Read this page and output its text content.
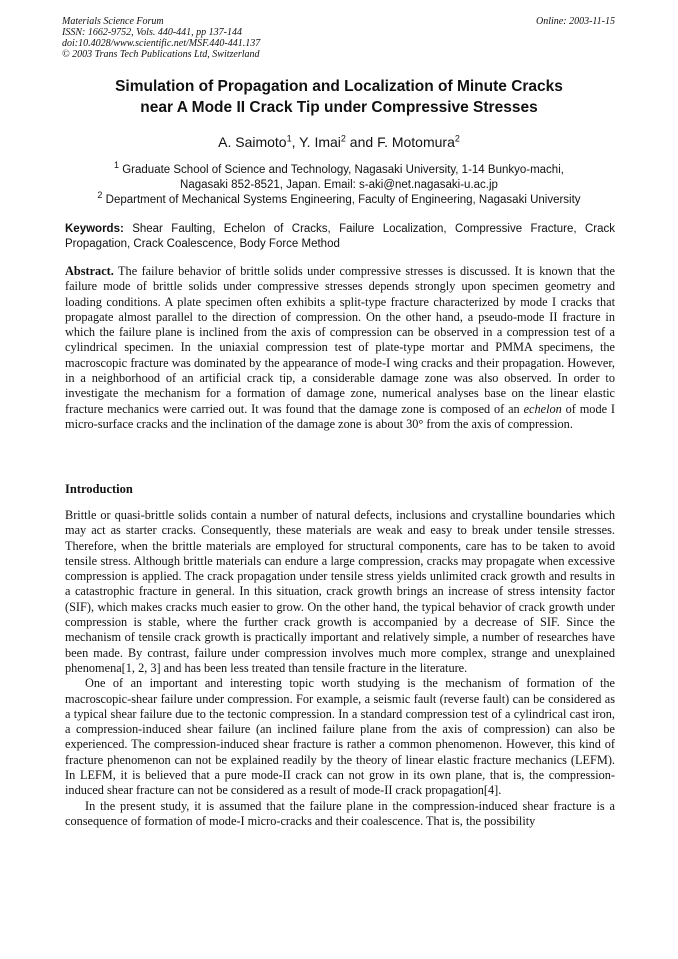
Materials Science Forum
ISSN: 1662-9752, Vols. 440-441, pp 137-144
doi:10.4028/www.scientific.net/MSF.440-441.137
© 2003 Trans Tech Publications Ltd, Switzerland
Online: 2003-11-15
Simulation of Propagation and Localization of Minute Cracks
near A Mode II Crack Tip under Compressive Stresses
A. Saimoto$^1$, Y. Imai$^2$ and F. Motomura$^2$
$^1$ Graduate School of Science and Technology, Nagasaki University, 1-14 Bunkyo-machi,
Nagasaki 852-8521, Japan. Email: s-aki@net.nagasaki-u.ac.jp
$^2$ Department of Mechanical Systems Engineering, Faculty of Engineering, Nagasaki University
Keywords: Shear Faulting, Echelon of Cracks, Failure Localization, Compressive Fracture, Crack Propagation, Crack Coalescence, Body Force Method
Abstract. The failure behavior of brittle solids under compressive stresses is discussed. It is known that the failure mode of brittle solids under compressive stresses depends strongly upon specimen geometry and loading conditions. A plate specimen often exhibits a split-type fracture characterized by mode I cracks that propagate almost parallel to the direction of compression. On the other hand, a pseudo-mode II fracture in which the failure plane is inclined from the axis of compression can be observed in a compression test of a cylindrical specimen. In the uniaxial compression test of plate-type mortar and PMMA specimens, the macroscopic fracture was dominated by the appearance of mode-I wing cracks and their propagation. However, in a neighborhood of an artificial crack tip, a considerable damage zone was also observed. In order to investigate the mechanism for a formation of damage zone, numerical analyses base on the linear elastic fracture mechanics were carried out. It was found that the damage zone is composed of an echelon of mode I micro-surface cracks and the inclination of the damage zone is about 30° from the axis of compression.
Introduction

Brittle or quasi-brittle solids contain a number of natural defects, inclusions and crystalline boundaries which may act as starter cracks. Consequently, these materials are weak and easy to break under tensile stresses. Therefore, when the brittle materials are employed for structural components, care has to be taken to avoid tensile stress. Although brittle materials can endure a large compression, cracks may propagate when excessive compression is applied. The crack propagation under tensile stress yields unlimited crack growth and results in a catastrophic fracture in general. In this situation, crack growth brings an increase of stress intensity factor (SIF), which makes cracks much easier to grow. On the other hand, the typical behavior of crack growth under compression is stable, where the further crack growth is accompanied by a decrease of SIF. Since the mechanism of tensile crack growth is practically important and relatively simple, a number of researches have been made. By contrast, failure under compression involves much more complex, strange and unexplained phenomena[1, 2, 3] and has been less treated than tensile fracture in the literature.

One of an important and interesting topic worth studying is the mechanism of formation of the macroscopic-shear failure under compression. For example, a seismic fault (reverse fault) can be considered as a typical shear failure due to the tectonic compression. In a standard compression test of a cylindrical cast iron, a compression-induced shear failure (an inclined failure plane from the axis of compression) can also be experienced. The compression-induced shear fracture is rather a common phenomenon. However, this kind of fracture phenomenon can not be explained readily by the theory of linear elastic fracture mechanics (LEFM). In LEFM, it is believed that a pure mode-II crack can not grow in its own plane, that is, the compression-induced shear fracture can not be considered as a result of mode-II crack propagation[4].

In the present study, it is assumed that the failure plane in the compression-induced shear fracture is a consequence of formation of mode-I micro-cracks and their coalescence. That is, the possibility
